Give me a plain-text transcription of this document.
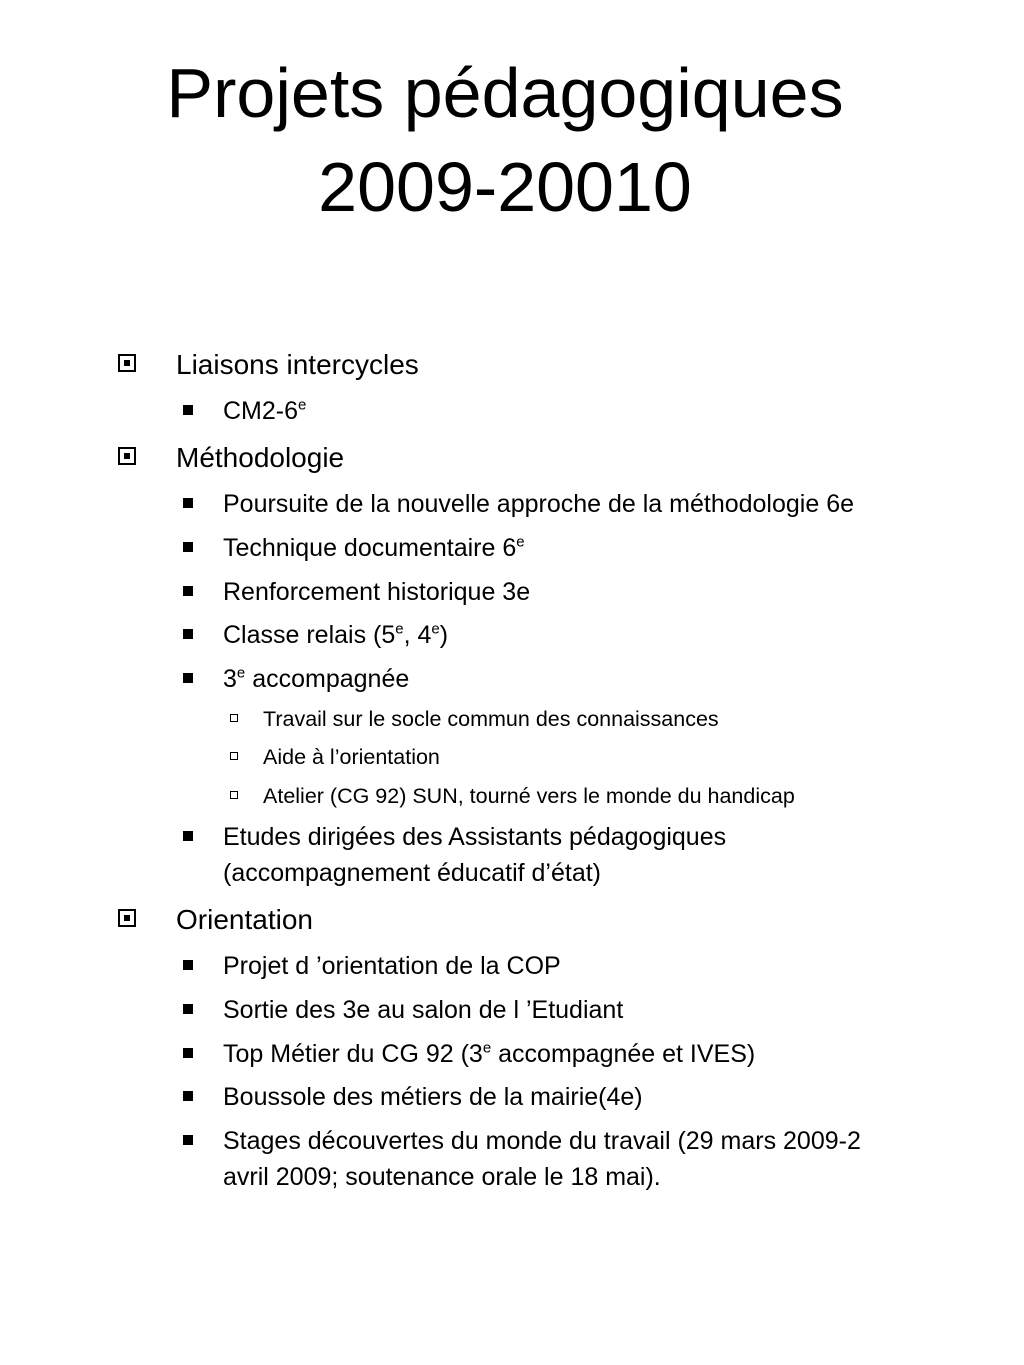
Projets pédagogiques
2009-20010
Liaisons intercycles
CM2-6e
Méthodologie
Poursuite de la nouvelle approche de la méthodologie 6e
Technique documentaire 6e
Renforcement historique 3e
Classe relais (5e, 4e)
3e accompagnée
Travail sur le socle commun des connaissances
Aide à l’orientation
Atelier (CG 92) SUN, tourné vers le monde du handicap
Etudes dirigées des Assistants pédagogiques
(accompagnement éducatif d’état)
Orientation
Projet d ’orientation de la COP
Sortie des 3e au salon de l ’Etudiant
Top Métier du CG 92 (3e accompagnée et IVES)
Boussole des métiers de la mairie(4e)
Stages découvertes du monde du travail (29 mars 2009-2
avril 2009; soutenance orale le 18 mai).
